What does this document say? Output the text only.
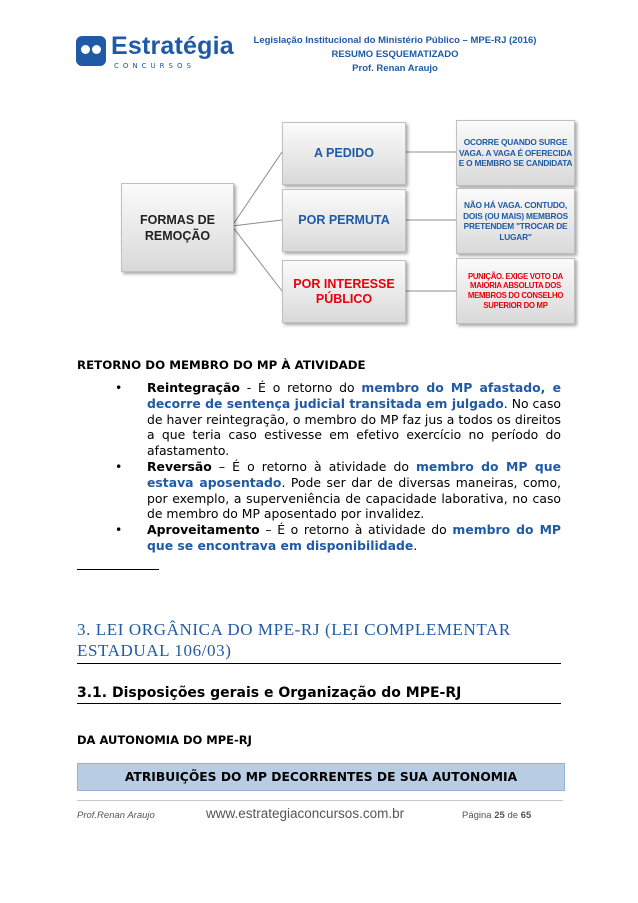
Estratégia
CONCURSOS
Legislação Institucional do Ministério Público – MPE-RJ (2016)
RESUMO ESQUEMATIZADO
Prof. Renan Araujo
FORMAS DE REMOÇÃO
A PEDIDO
POR PERMUTA
POR INTERESSE PÚBLICO
OCORRE QUANDO SURGE VAGA. A VAGA É OFERECIDA E O MEMBRO SE CANDIDATA
NÃO HÁ VAGA. CONTUDO, DOIS (OU MAIS) MEMBROS PRETENDEM "TROCAR DE LUGAR"
PUNIÇÃO. EXIGE VOTO DA MAIORIA ABSOLUTA DOS MEMBROS DO CONSELHO SUPERIOR DO MP
RETORNO DO MEMBRO DO MP À ATIVIDADE
• Reintegração - É o retorno do membro do MP afastado, e decorre de sentença judicial transitada em julgado. No caso de haver reintegração, o membro do MP faz jus a todos os direitos a que teria caso estivesse em efetivo exercício no período do afastamento.
• Reversão – É o retorno à atividade do membro do MP que estava aposentado. Pode ser dar de diversas maneiras, como, por exemplo, a superveniência de capacidade laborativa, no caso de membro do MP aposentado por invalidez.
• Aproveitamento – É o retorno à atividade do membro do MP que se encontrava em disponibilidade.
3. LEI ORGÂNICA DO MPE-RJ (LEI COMPLEMENTAR ESTADUAL 106/03)
3.1. Disposições gerais e Organização do MPE-RJ
DA AUTONOMIA DO MPE-RJ
ATRIBUIÇÕES DO MP DECORRENTES DE SUA AUTONOMIA
Prof.Renan Araujo	www.estrategiaconcursos.com.br	Página 25 de 65
